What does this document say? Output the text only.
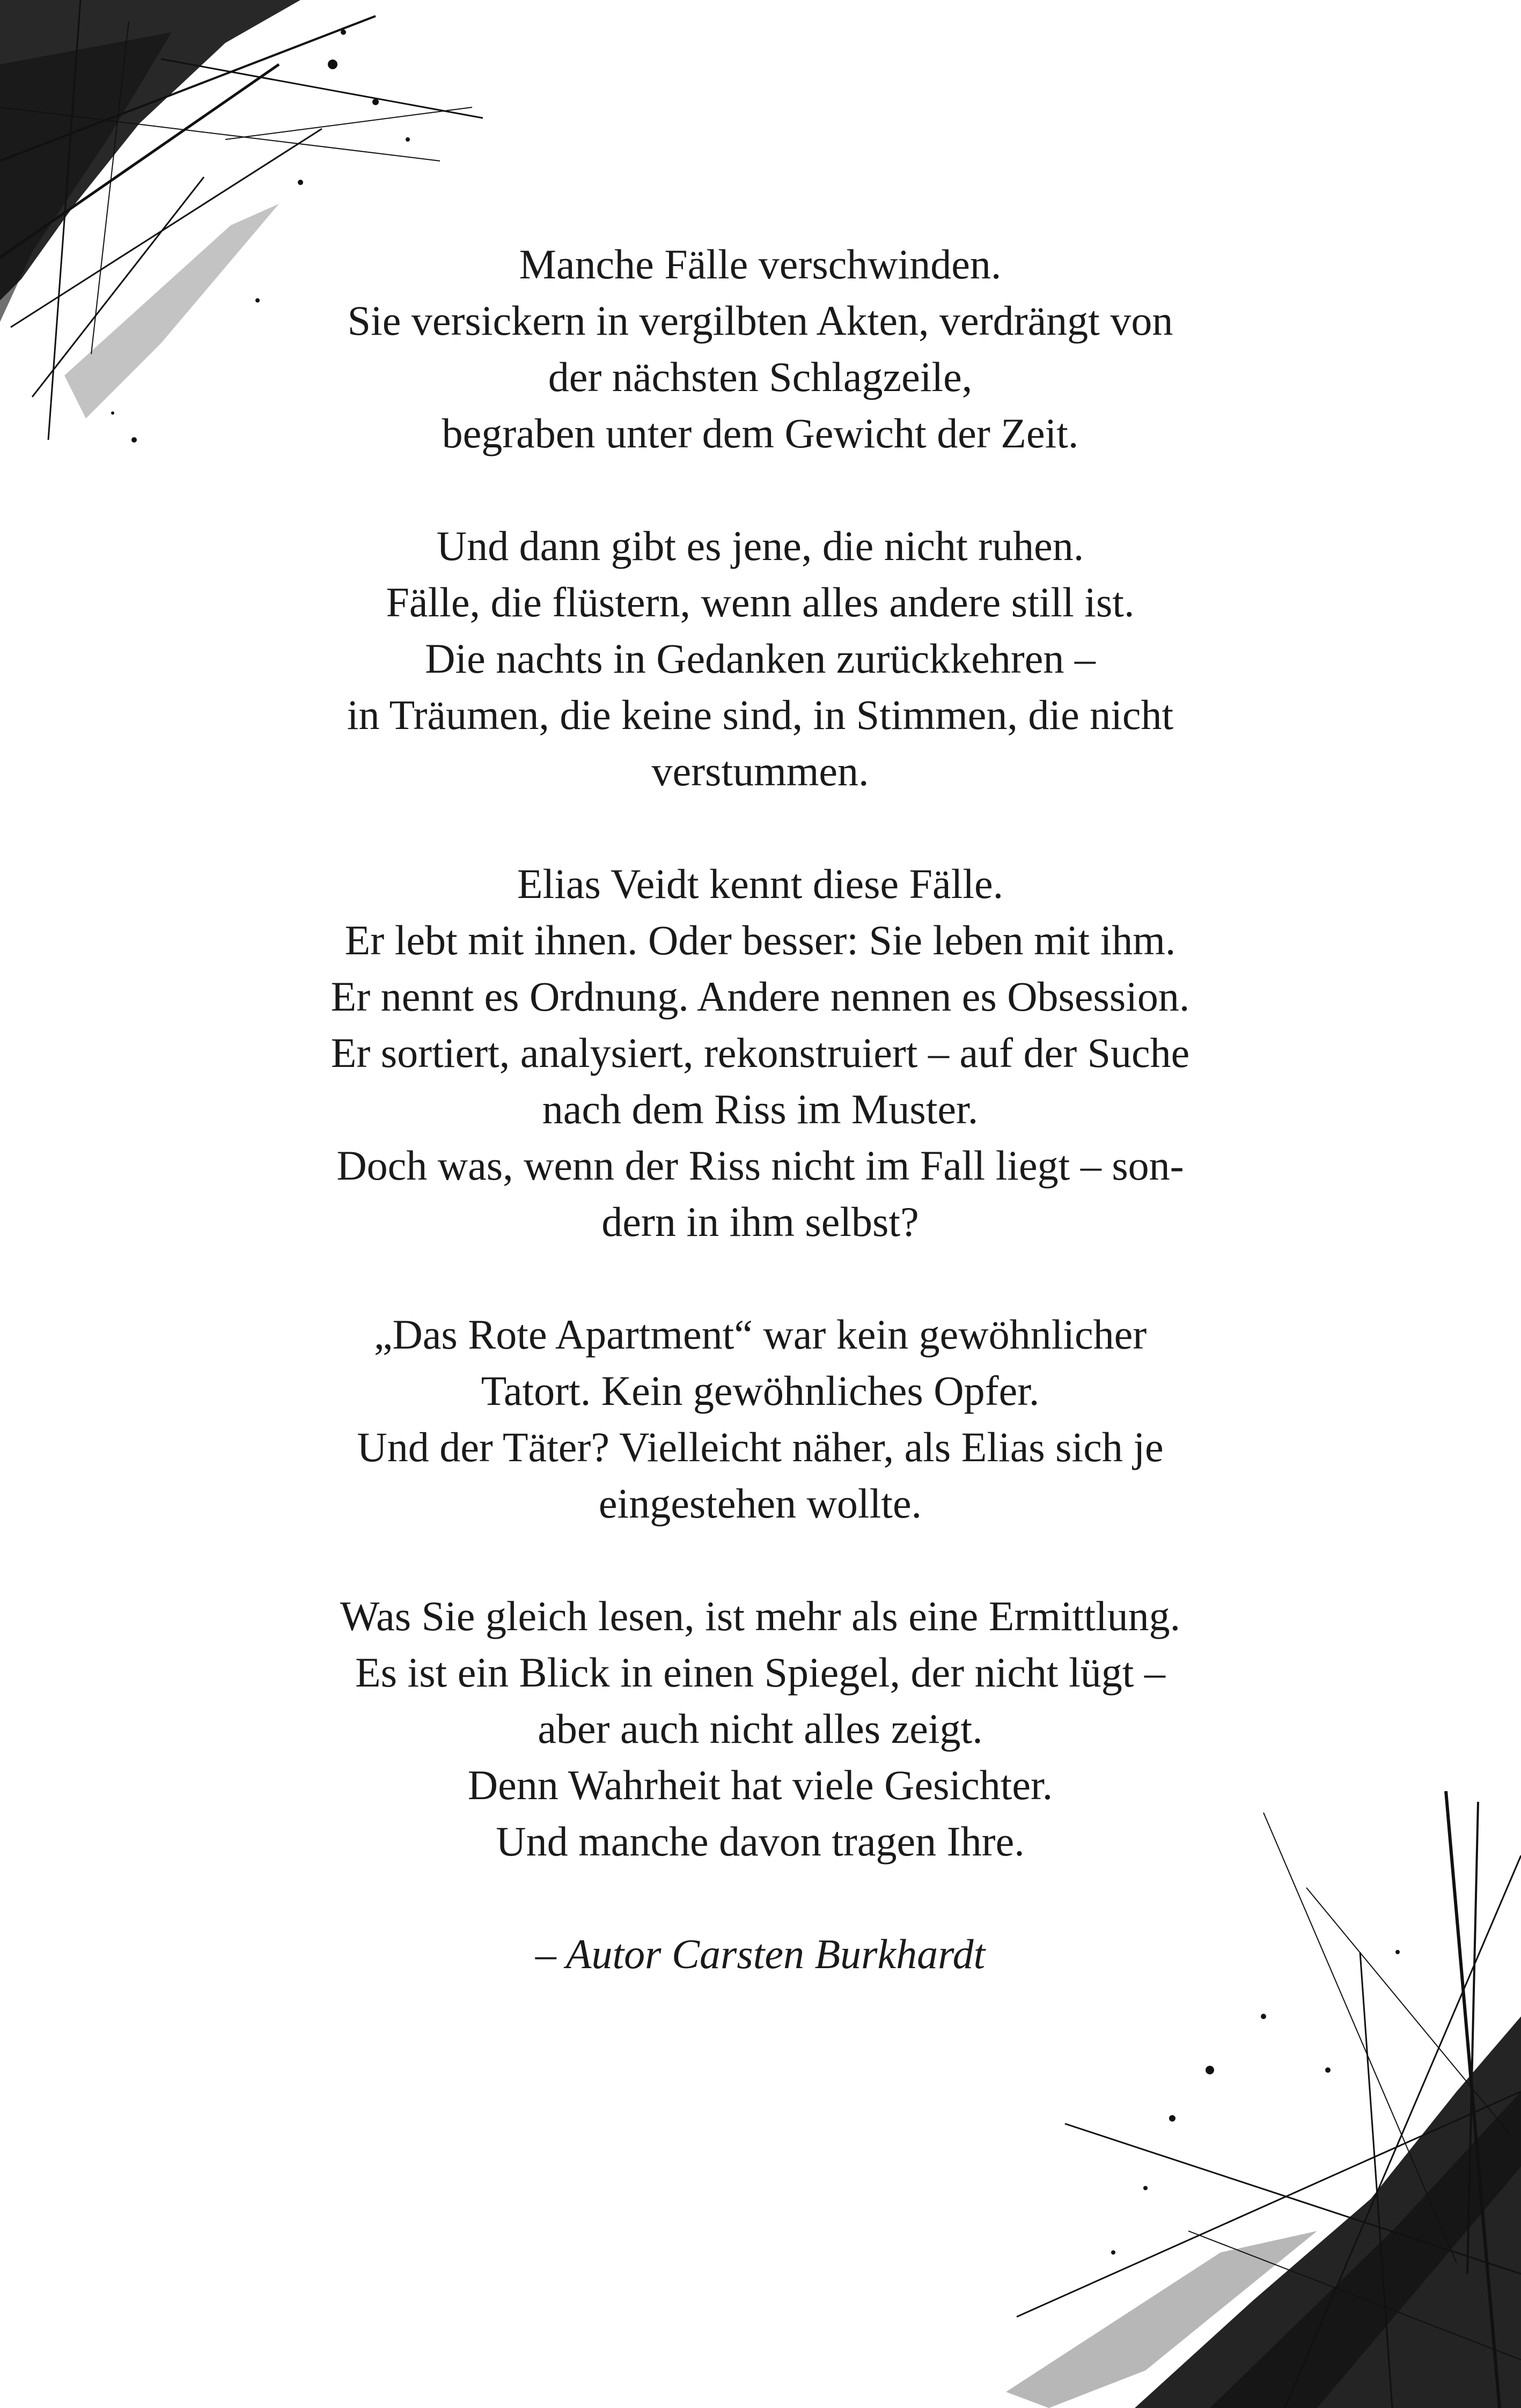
Manche Fälle verschwinden.
Sie versickern in vergilbten Akten, verdrängt von
der nächsten Schlagzeile,
begraben unter dem Gewicht der Zeit.

Und dann gibt es jene, die nicht ruhen.
Fälle, die flüstern, wenn alles andere still ist.
Die nachts in Gedanken zurückkehren –
in Träumen, die keine sind, in Stimmen, die nicht
verstummen.

Elias Veidt kennt diese Fälle.
Er lebt mit ihnen. Oder besser: Sie leben mit ihm.
Er nennt es Ordnung. Andere nennen es Obsession.
Er sortiert, analysiert, rekonstruiert – auf der Suche
nach dem Riss im Muster.
Doch was, wenn der Riss nicht im Fall liegt – son-
dern in ihm selbst?

„Das Rote Apartment“ war kein gewöhnlicher
Tatort. Kein gewöhnliches Opfer.
Und der Täter? Vielleicht näher, als Elias sich je
eingestehen wollte.

Was Sie gleich lesen, ist mehr als eine Ermittlung.
Es ist ein Blick in einen Spiegel, der nicht lügt –
aber auch nicht alles zeigt.
Denn Wahrheit hat viele Gesichter.
Und manche davon tragen Ihre.

– Autor Carsten Burkhardt
